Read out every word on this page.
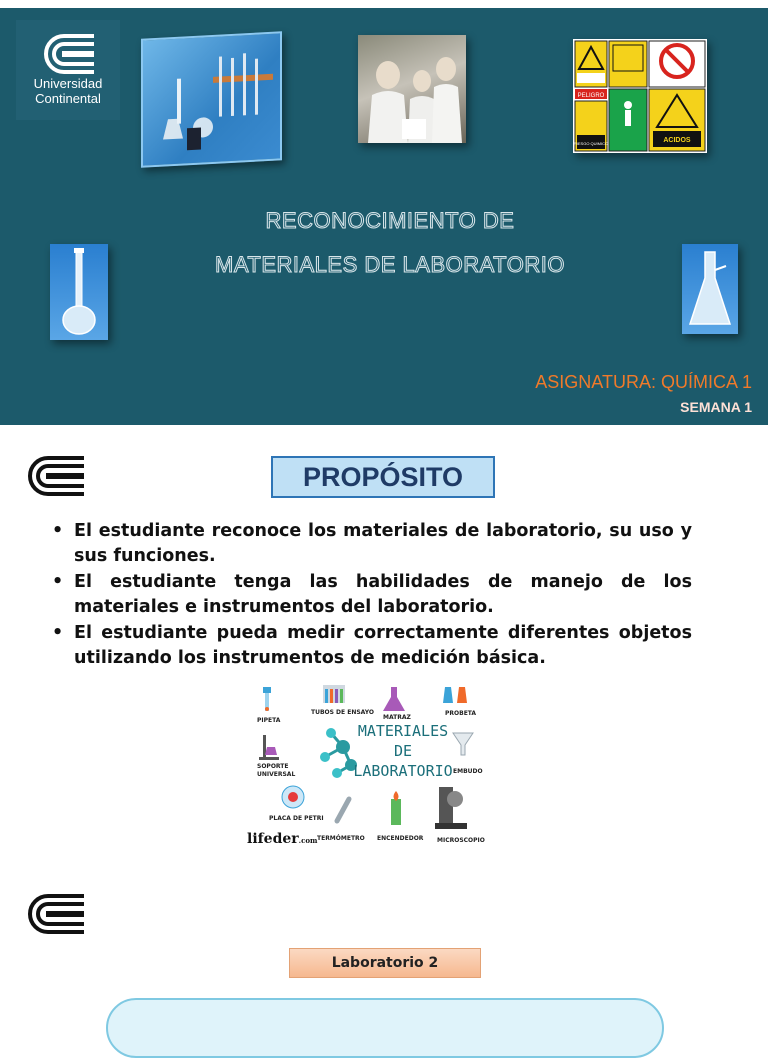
Universidad
Continental	PELIGRO
RIESGO QUIMICO	ACIDOS
RECONOCIMIENTO DE
MATERIALES DE LABORATORIO
ASIGNATURA: QUÍMICA 1
SEMANA 1
PROPÓSITO
• El estudiante reconoce los materiales de laboratorio, su uso y sus funciones.
• El estudiante tenga las habilidades de manejo de los materiales e instrumentos del laboratorio.
• El estudiante pueda medir correctamente diferentes objetos utilizando los instrumentos de medición básica.
MATERIALES DE
LABORATORIO
PIPETA
TUBOS DE ENSAYO
MATRAZ
PROBETA
SOPORTE UNIVERSAL	EMBUDO
PLACA DE PETRI
TERMÓMETRO ENCENDEDOR MICROSCOPIO
lifeder.com
Laboratorio 2
